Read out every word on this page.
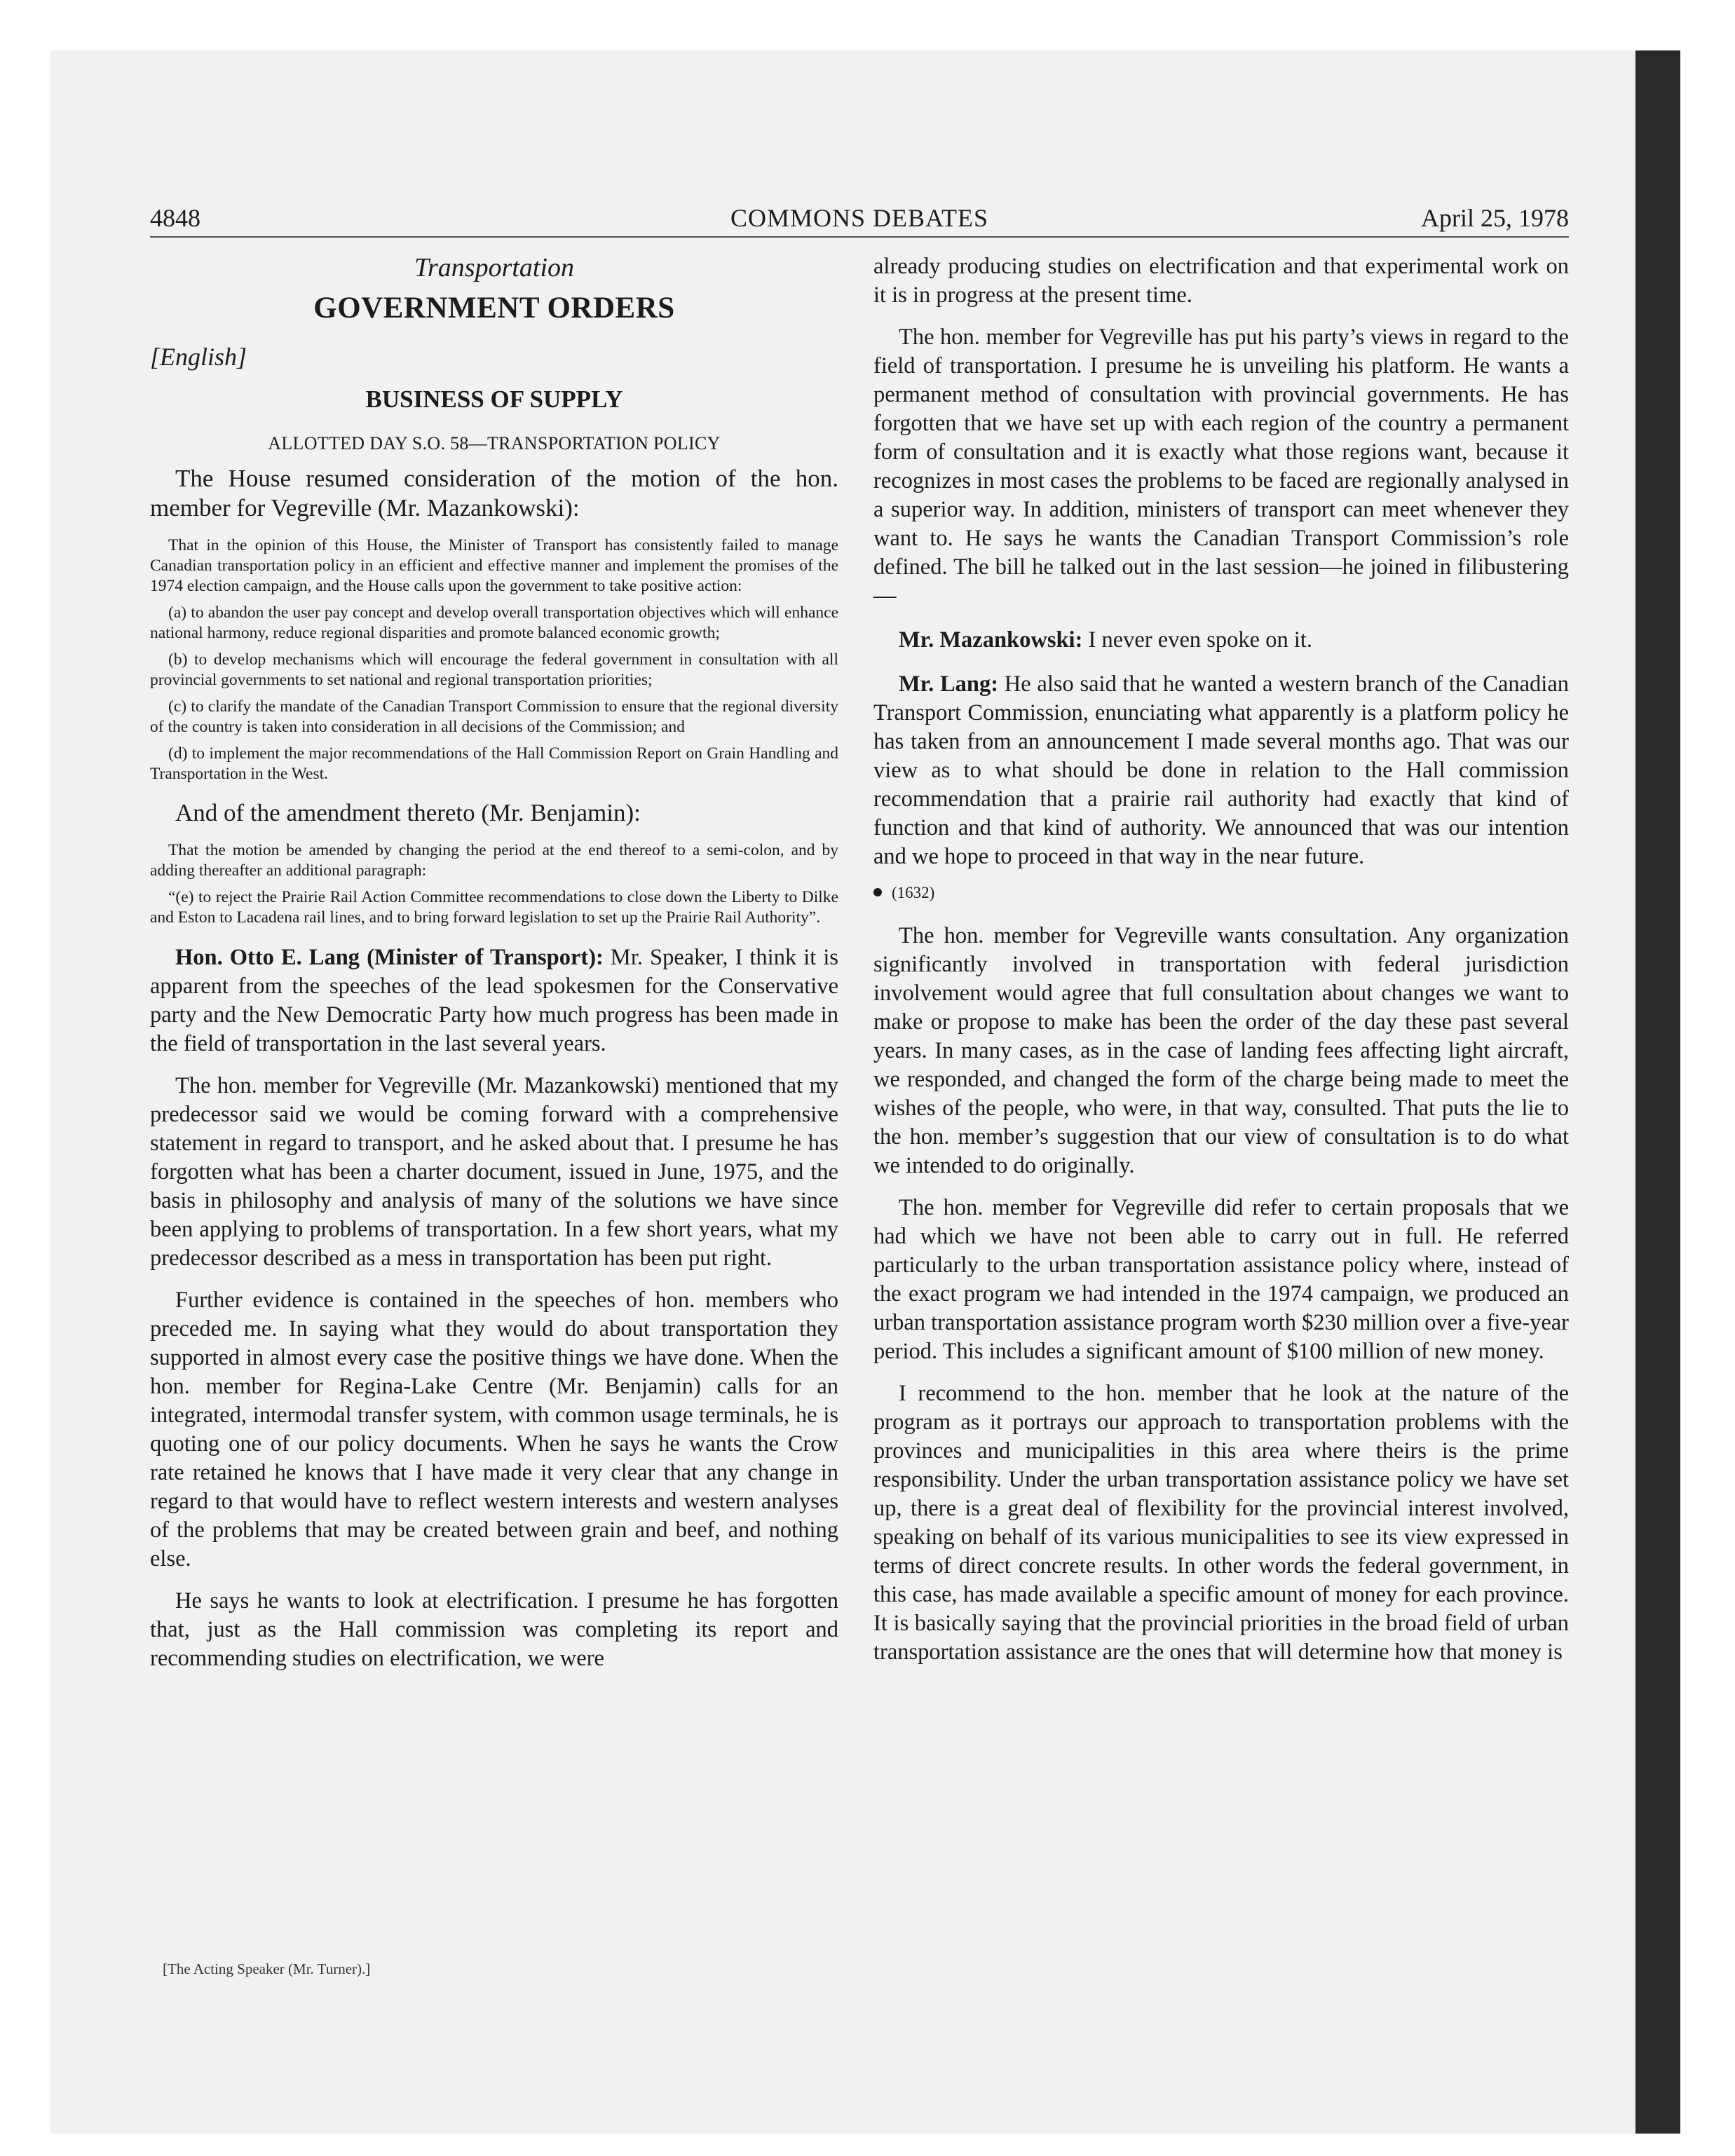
4848	COMMONS DEBATES	April 25, 1978
Transportation
GOVERNMENT ORDERS
[English]
BUSINESS OF SUPPLY
ALLOTTED DAY S.O. 58—TRANSPORTATION POLICY
The House resumed consideration of the motion of the hon. member for Vegreville (Mr. Mazankowski):
That in the opinion of this House, the Minister of Transport has consistently failed to manage Canadian transportation policy in an efficient and effective manner and implement the promises of the 1974 election campaign, and the House calls upon the government to take positive action:
(a) to abandon the user pay concept and develop overall transportation objectives which will enhance national harmony, reduce regional disparities and promote balanced economic growth;
(b) to develop mechanisms which will encourage the federal government in consultation with all provincial governments to set national and regional transportation priorities;
(c) to clarify the mandate of the Canadian Transport Commission to ensure that the regional diversity of the country is taken into consideration in all decisions of the Commission; and
(d) to implement the major recommendations of the Hall Commission Report on Grain Handling and Transportation in the West.
And of the amendment thereto (Mr. Benjamin):
That the motion be amended by changing the period at the end thereof to a semi-colon, and by adding thereafter an additional paragraph:
“(e) to reject the Prairie Rail Action Committee recommendations to close down the Liberty to Dilke and Eston to Lacadena rail lines, and to bring forward legislation to set up the Prairie Rail Authority”.

Hon. Otto E. Lang (Minister of Transport): Mr. Speaker, I think it is apparent from the speeches of the lead spokesmen for the Conservative party and the New Democratic Party how much progress has been made in the field of transportation in the last several years.

The hon. member for Vegreville (Mr. Mazankowski) mentioned that my predecessor said we would be coming forward with a comprehensive statement in regard to transport, and he asked about that. I presume he has forgotten what has been a charter document, issued in June, 1975, and the basis in philosophy and analysis of many of the solutions we have since been applying to problems of transportation. In a few short years, what my predecessor described as a mess in transportation has been put right.

Further evidence is contained in the speeches of hon. members who preceded me. In saying what they would do about transportation they supported in almost every case the positive things we have done. When the hon. member for Regina-Lake Centre (Mr. Benjamin) calls for an integrated, intermodal transfer system, with common usage terminals, he is quoting one of our policy documents. When he says he wants the Crow rate retained he knows that I have made it very clear that any change in regard to that would have to reflect western interests and western analyses of the problems that may be created between grain and beef, and nothing else.

He says he wants to look at electrification. I presume he has forgotten that, just as the Hall commission was completing its report and recommending studies on electrification, we were

[The Acting Speaker (Mr. Turner).]

already producing studies on electrification and that experimental work on it is in progress at the present time.

The hon. member for Vegreville has put his party’s views in regard to the field of transportation. I presume he is unveiling his platform. He wants a permanent method of consultation with provincial governments. He has forgotten that we have set up with each region of the country a permanent form of consultation and it is exactly what those regions want, because it recognizes in most cases the problems to be faced are regionally analysed in a superior way. In addition, ministers of transport can meet whenever they want to. He says he wants the Canadian Transport Commission’s role defined. The bill he talked out in the last session—he joined in filibustering—

Mr. Mazankowski: I never even spoke on it.

Mr. Lang: He also said that he wanted a western branch of the Canadian Transport Commission, enunciating what apparently is a platform policy he has taken from an announcement I made several months ago. That was our view as to what should be done in relation to the Hall commission recommendation that a prairie rail authority had exactly that kind of function and that kind of authority. We announced that was our intention and we hope to proceed in that way in the near future.

(1632)

The hon. member for Vegreville wants consultation. Any organization significantly involved in transportation with federal jurisdiction involvement would agree that full consultation about changes we want to make or propose to make has been the order of the day these past several years. In many cases, as in the case of landing fees affecting light aircraft, we responded, and changed the form of the charge being made to meet the wishes of the people, who were, in that way, consulted. That puts the lie to the hon. member’s suggestion that our view of consultation is to do what we intended to do originally.

The hon. member for Vegreville did refer to certain proposals that we had which we have not been able to carry out in full. He referred particularly to the urban transportation assistance policy where, instead of the exact program we had intended in the 1974 campaign, we produced an urban transportation assistance program worth $230 million over a five-year period. This includes a significant amount of $100 million of new money.

I recommend to the hon. member that he look at the nature of the program as it portrays our approach to transportation problems with the provinces and municipalities in this area where theirs is the prime responsibility. Under the urban transportation assistance policy we have set up, there is a great deal of flexibility for the provincial interest involved, speaking on behalf of its various municipalities to see its view expressed in terms of direct concrete results. In other words the federal government, in this case, has made available a specific amount of money for each province. It is basically saying that the provincial priorities in the broad field of urban transportation assistance are the ones that will determine how that money is
